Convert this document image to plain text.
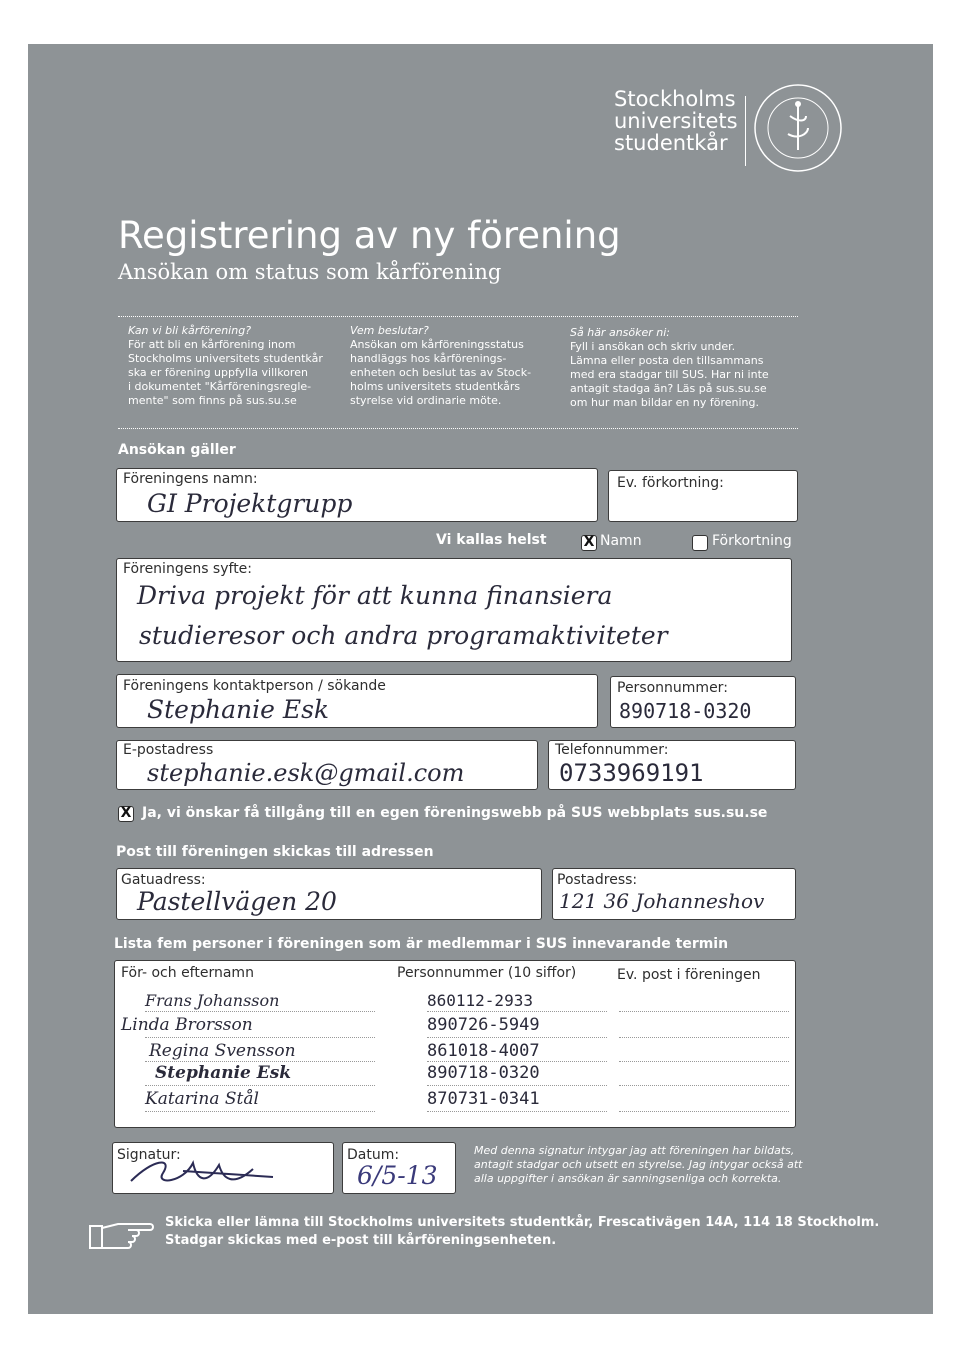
Stockholms
universitets
studentkår
Registrering av ny förening
Ansökan om status som kårförening
Kan vi bli kårförening?
För att bli en kårförening inom
Stockholms universitets studentkår
ska er förening uppfylla villkoren
i dokumentet "Kårföreningsregle-
mente" som finns på sus.su.se
Vem beslutar?
Ansökan om kårföreningsstatus
handläggs hos kårförenings-
enheten och beslut tas av Stock-
holms universitets studentkårs
styrelse vid ordinarie möte.
Så här ansöker ni:
Fyll i ansökan och skriv under.
Lämna eller posta den tillsammans
med era stadgar till SUS. Har ni inte
antagit stadga än? Läs på sus.su.se
om hur man bildar en ny förening.
Ansökan gäller
Föreningens namn:
GI Projektgrupp
Ev. förkortning:
Vi kallas helst	X Namn	Förkortning
Föreningens syfte:
Driva projekt för att kunna finansiera
studieresor och andra programaktiviteter
Föreningens kontaktperson / sökande
Stephanie Esk
Personnummer:
890718-0320
E-postadress
stephanie.esk@gmail.com
Telefonnummer:
0733969191
X Ja, vi önskar få tillgång till en egen föreningswebb på SUS webbplats sus.su.se
Post till föreningen skickas till adressen
Gatuadress:
Pastellvägen 20
Postadress:
121 36 Johanneshov
Lista fem personer i föreningen som är medlemmar i SUS innevarande termin
För- och efternamn	Personnummer (10 siffor)	Ev. post i föreningen
Frans Johansson	860112-2933
Linda Brorsson	890726-5949
Regina Svensson	861018-4007
Stephanie Esk	890718-0320
Katarina Stål	870731-0341
Signatur:	Datum:
6/5-13
Med denna signatur intygar jag att föreningen har bildats,
antagit stadgar och utsett en styrelse. Jag intygar också att
alla uppgifter i ansökan är sanningsenliga och korrekta.
Skicka eller lämna till Stockholms universitets studentkår, Frescativägen 14A, 114 18 Stockholm.
Stadgar skickas med e-post till kårföreningsenheten.
